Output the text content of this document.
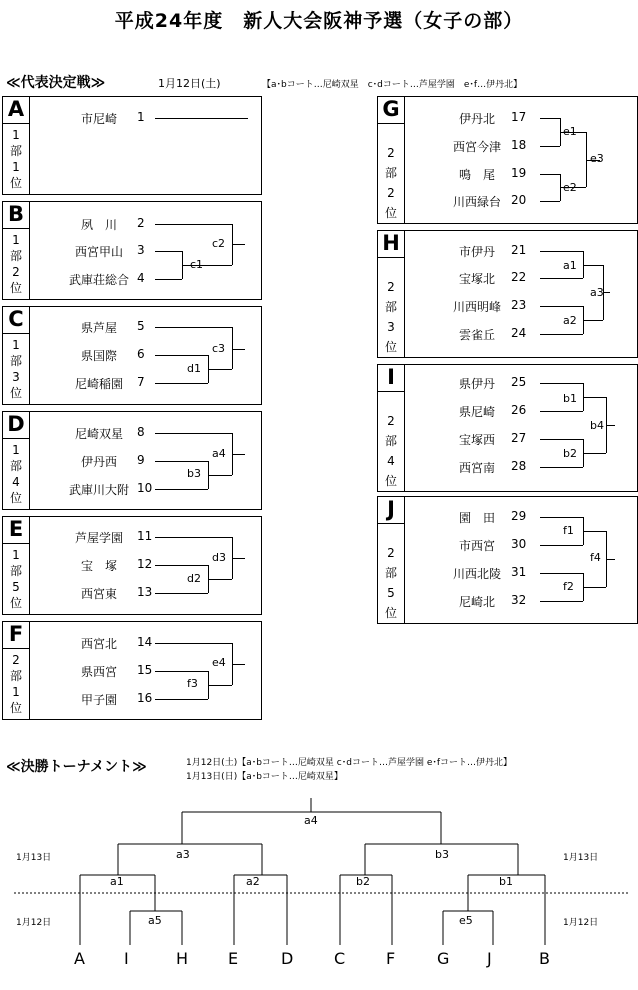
平成24年度　新人大会阪神予選（女子の部）
≪代表決定戦≫	1月12日(土)	【a･bコート…尼崎双星　c･dコート…芦屋学園　e･f…伊丹北】
A
1
部
1
位
B
1
部
2
位
C
1
部
3
位
D
1
部
4
位
E
1
部
5
位
F
2
部
1
位
G
2
部
2
位
H
2
部
3
位
I
2
部
4
位
J
2
部
5
位
≪決勝トーナメント≫	1月12日(土)【a･bコート…尼崎双星 c･dコート…芦屋学園 e･fコート…伊丹北】
1月13日(日)【a･bコート…尼崎双星】
a4
a3	b3
a1	a2	b2	b1
a5	e5
A I	H E	D	C	F	G J	B
1月13日	1月13日
1月12日	1月12日
市尼崎	1
夙　川	2
西宮甲山	3
武庫荘総合 4
c1
c2
県芦屋	5
県国際	6
尼崎稲園	7
d1
c3
尼崎双星	8
伊丹西	9
武庫川大附 10
b3
a4
芦屋学園	11
宝　塚	12
西宮東	13
d2
d3
西宮北	14
県西宮	15
甲子園	16
f3
e4
伊丹北	17
西宮今津 18
鳴　尾	19
川西緑台 20
e1
e2
e3
市伊丹	21
宝塚北	22
川西明峰 23
雲雀丘	24
a1
a2
a3
県伊丹	25
県尼崎	26
宝塚西	27
西宮南	28
b1
b2
b4
園　田	29
市西宮	30
川西北陵 31
尼崎北	32
f1
f2
f4
